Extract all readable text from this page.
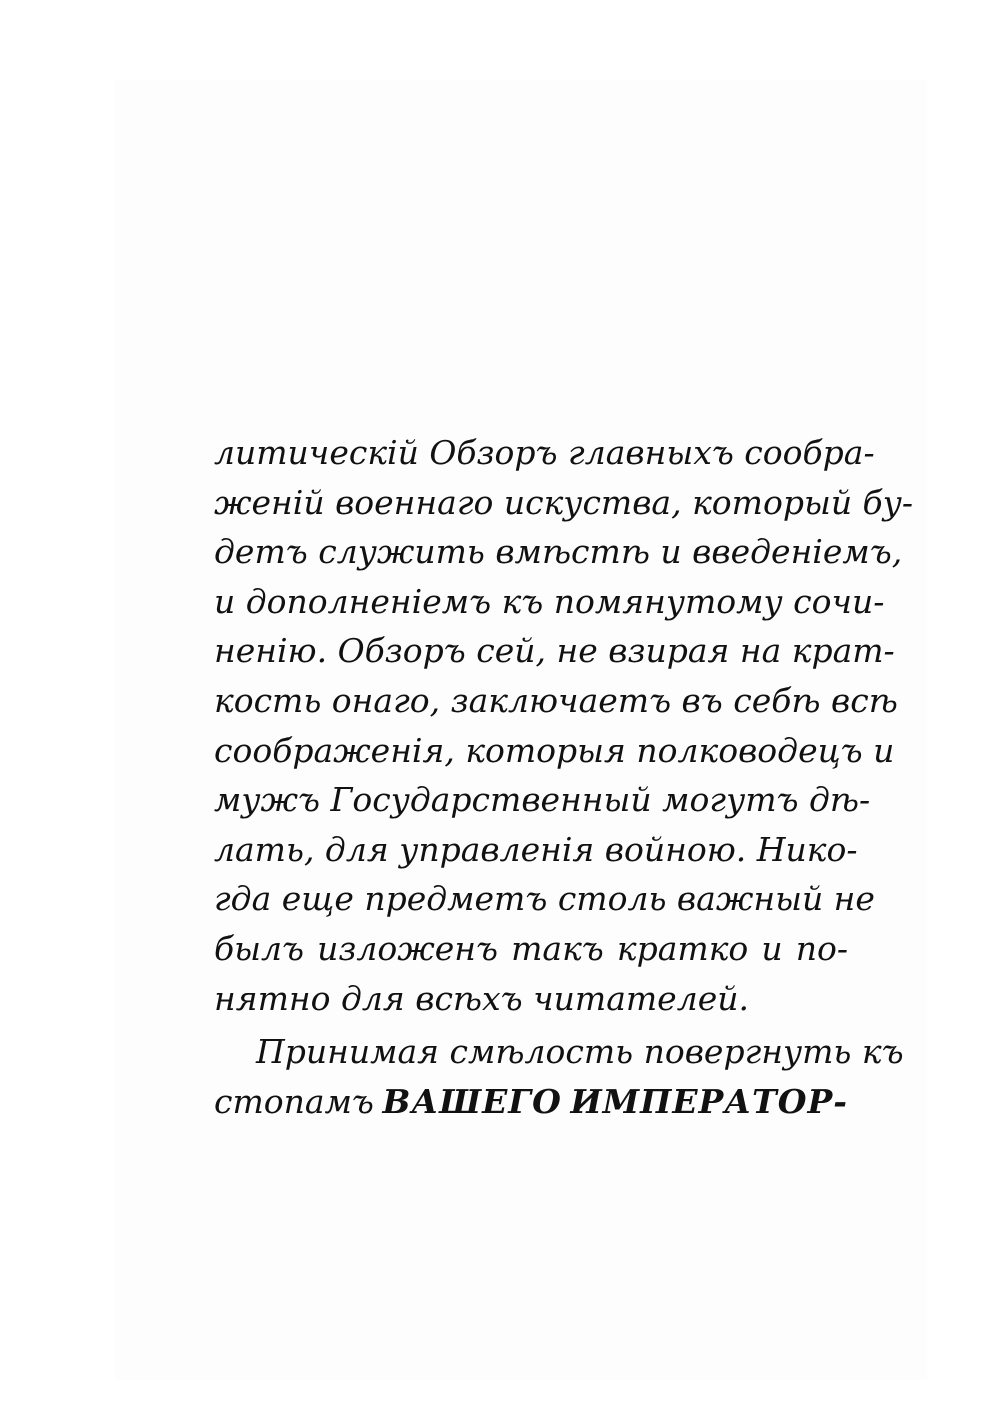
литическій Обзоръ главныхъ сообра-
женій военнаго искуства, который бу-
детъ служить вмѣстѣ и введеніемъ,
и дополненіемъ къ помянутому сочи-
ненію. Обзоръ сей, не взирая на крат-
кость онаго, заключаетъ въ себѣ всѣ
соображенія, которыя полководецъ и
мужъ Государственный могутъ дѣ-
лать, для управленія войною. Нико-
гда еще предметъ столь важный не
былъ изложенъ такъ кратко и по-
нятно для всѣхъ читателей.
Принимая смѣлость повергнуть къ
стопамъ ВАШЕГО ИМПЕРАТОР-
